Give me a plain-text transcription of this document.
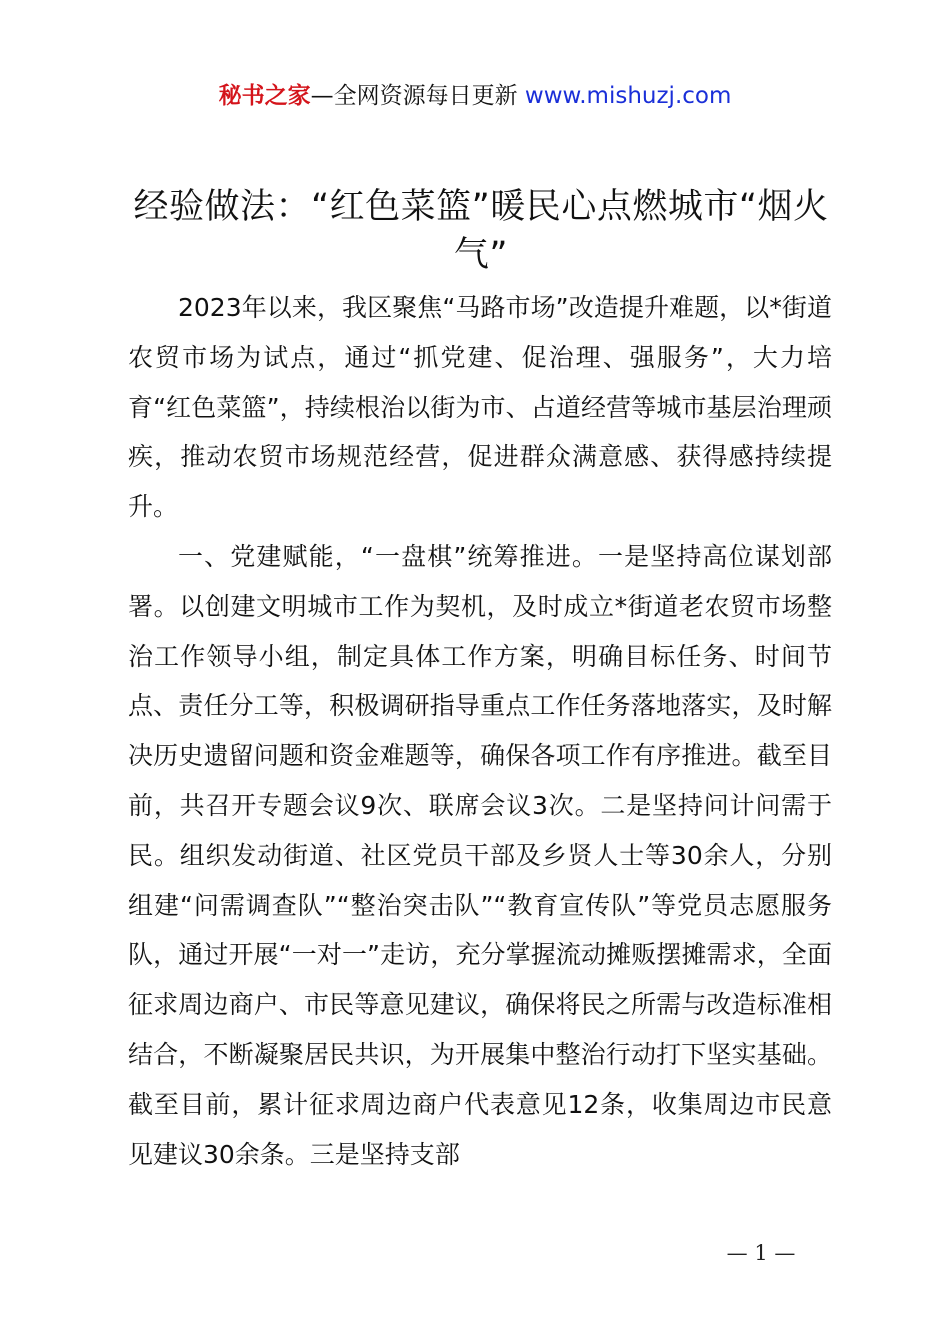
秘书之家—全网资源每日更新 www.mishuzj.com
经验做法：“红色菜篮”暖民心点燃城市“烟火气”

2023年以来，我区聚焦“马路市场”改造提升难题，以*街道农贸市场为试点，通过“抓党建、促治理、强服务”，大力培育“红色菜篮”，持续根治以街为市、占道经营等城市基层治理顽疾，推动农贸市场规范经营，促进群众满意感、获得感持续提升。

一、党建赋能，“一盘棋”统筹推进。一是坚持高位谋划部署。以创建文明城市工作为契机，及时成立*街道老农贸市场整治工作领导小组，制定具体工作方案，明确目标任务、时间节点、责任分工等，积极调研指导重点工作任务落地落实，及时解决历史遗留问题和资金难题等，确保各项工作有序推进。截至目前，共召开专题会议9次、联席会议3次。二是坚持问计问需于民。组织发动街道、社区党员干部及乡贤人士等30余人，分别组建“问需调查队”“整治突击队”“教育宣传队”等党员志愿服务队，通过开展“一对一”走访，充分掌握流动摊贩摆摊需求，全面征求周边商户、市民等意见建议，确保将民之所需与改造标准相结合，不断凝聚居民共识，为开展集中整治行动打下坚实基础。截至目前，累计征求周边商户代表意见12条，收集周边市民意见建议30余条。三是坚持支部

— 1 —
